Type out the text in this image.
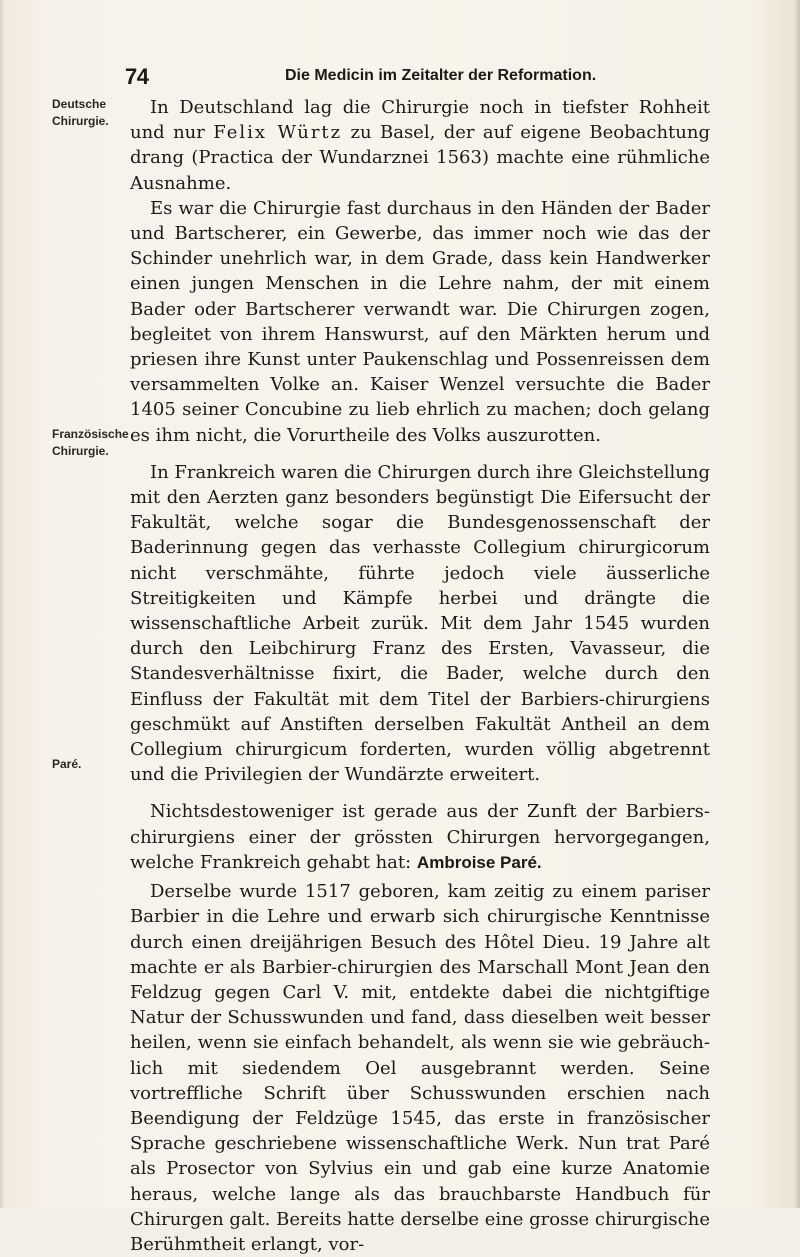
74	Die Medicin im Zeitalter der Reformation.
Deutsche
Chirurgie.
Französische
Chirurgie.
Paré.

In Deutschland lag die Chirurgie noch in tiefster Rohheit und nur Felix Würtz zu Basel, der auf eigene Beobachtung drang (Practica der Wundarznei 1563) machte eine rühmliche Ausnahme.

Es war die Chirurgie fast durchaus in den Händen der Bader und Bartscherer, ein Gewerbe, das immer noch wie das der Schinder unehrlich war, in dem Grade, dass kein Handwerker einen jungen Menschen in die Lehre nahm, der mit einem Bader oder Bartscherer verwandt war. Die Chirurgen zogen, begleitet von ihrem Hanswurst, auf den Märkten herum und priesen ihre Kunst unter Paukenschlag und Possenreissen dem versammelten Volke an. Kaiser Wenzel versuchte die Bader 1405 seiner Concubine zu lieb ehrlich zu machen; doch gelang es ihm nicht, die Vorurtheile des Volks auszurotten.

In Frankreich waren die Chirurgen durch ihre Gleichstellung mit den Aerzten ganz besonders begünstigt Die Eifersucht der Fakultät, welche sogar die Bundesgenossenschaft der Baderinnung gegen das verhasste Collegium chirurgicorum nicht verschmähte, führte jedoch viele äusserliche Streitigkeiten und Kämpfe herbei und drängte die wissenschaftliche Arbeit zurük. Mit dem Jahr 1545 wurden durch den Leibchirurg Franz des Ersten, Vavasseur, die Standesverhältnisse fixirt, die Bader, welche durch den Einfluss der Fakultät mit dem Titel der Barbiers-chirurgiens geschmükt auf Anstiften derselben Fakultät Antheil an dem Collegium chirurgicum forderten, wurden völlig abgetrennt und die Privilegien der Wundärzte erweitert.

Nichtsdestoweniger ist gerade aus der Zunft der Barbiers-chirurgiens einer der grössten Chirurgen hervorgegangen, welche Frankreich gehabt hat: Ambroise Paré.

Derselbe wurde 1517 geboren, kam zeitig zu einem pariser Barbier in die Lehre und erwarb sich chirurgische Kenntnisse durch einen dreijährigen Besuch des Hôtel Dieu. 19 Jahre alt machte er als Barbier-chirurgien des Marschall Mont Jean den Feldzug gegen Carl V. mit, entdekte dabei die nichtgiftige Natur der Schusswunden und fand, dass dieselben weit besser heilen, wenn sie einfach behandelt, als wenn sie wie gebräuchlich mit siedendem Oel ausgebrannt werden. Seine vortreffliche Schrift über Schusswunden erschien nach Beendigung der Feldzüge 1545, das erste in französischer Sprache geschriebene wissenschaftliche Werk. Nun trat Paré als Prosector von Sylvius ein und gab eine kurze Anatomie heraus, welche lange als das brauchbarste Handbuch für Chirurgen galt. Bereits hatte derselbe eine grosse chirurgische Berühmtheit erlangt, vor-
